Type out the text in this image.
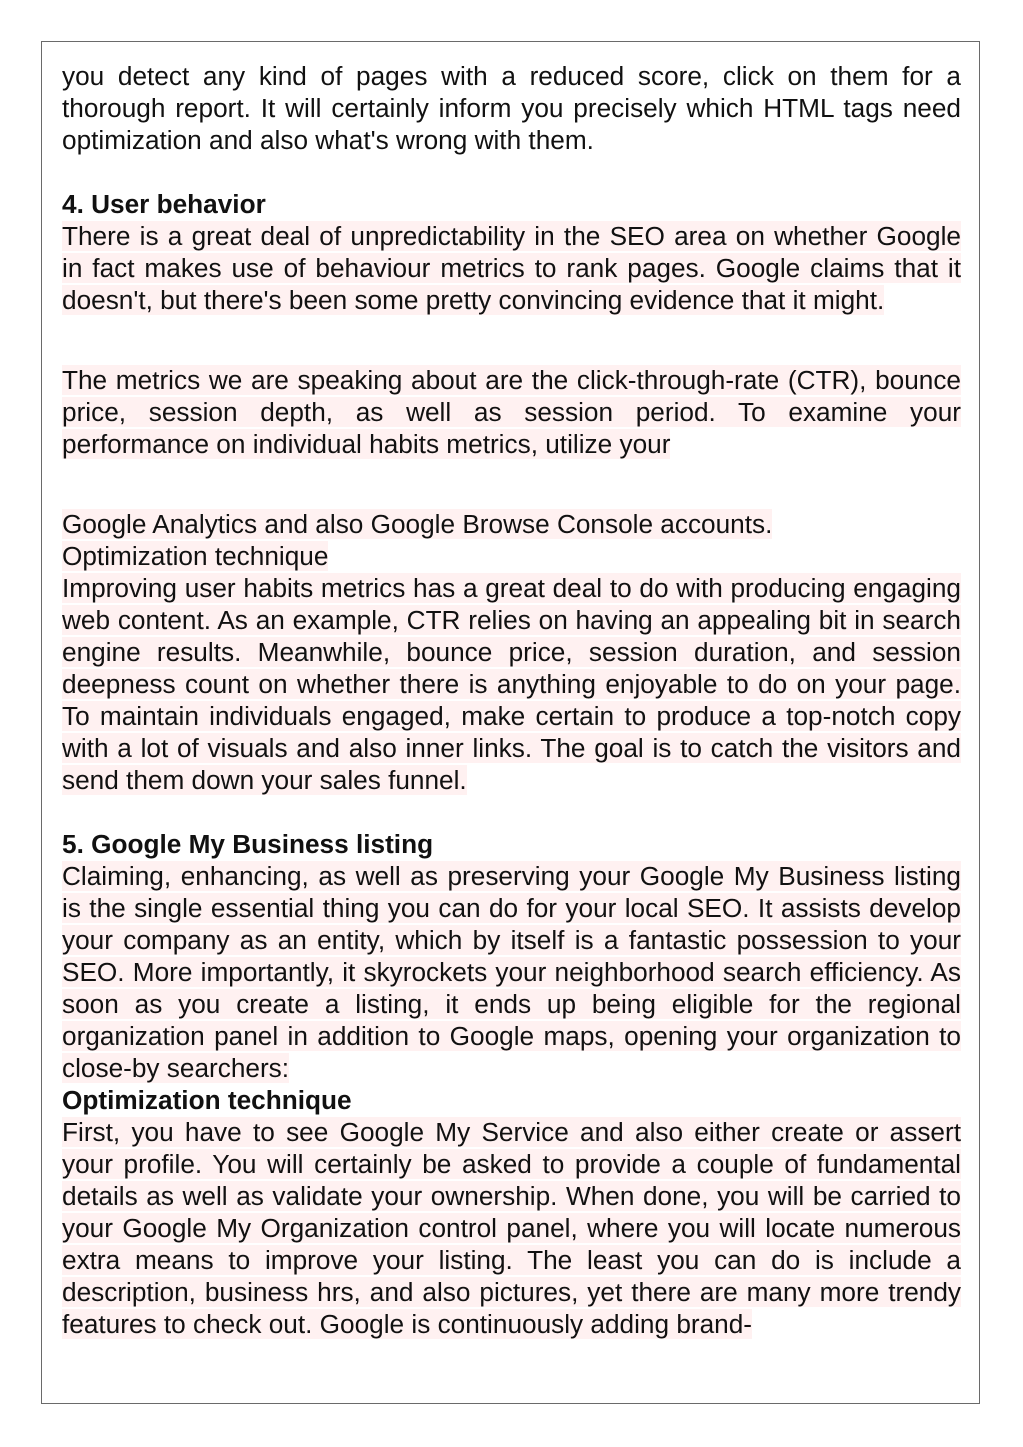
you detect any kind of pages with a reduced score, click on them for a thorough report. It will certainly inform you precisely which HTML tags need optimization and also what's wrong with them.

4. User behavior

There is a great deal of unpredictability in the SEO area on whether Google in fact makes use of behaviour metrics to rank pages. Google claims that it doesn't, but there's been some pretty convincing evidence that it might.

The metrics we are speaking about are the click-through-rate (CTR), bounce price, session depth, as well as session period. To examine your performance on individual habits metrics, utilize your

Google Analytics and also Google Browse Console accounts.

Optimization technique

Improving user habits metrics has a great deal to do with producing engaging web content. As an example, CTR relies on having an appealing bit in search engine results. Meanwhile, bounce price, session duration, and session deepness count on whether there is anything enjoyable to do on your page. To maintain individuals engaged, make certain to produce a top-notch copy with a lot of visuals and also inner links. The goal is to catch the visitors and send them down your sales funnel.

5. Google My Business listing

Claiming, enhancing, as well as preserving your Google My Business listing is the single essential thing you can do for your local SEO. It assists develop your company as an entity, which by itself is a fantastic possession to your SEO. More importantly, it skyrockets your neighborhood search efficiency. As soon as you create a listing, it ends up being eligible for the regional organization panel in addition to Google maps, opening your organization to close-by searchers:

Optimization technique

First, you have to see Google My Service and also either create or assert your profile. You will certainly be asked to provide a couple of fundamental details as well as validate your ownership. When done, you will be carried to your Google My Organization control panel, where you will locate numerous extra means to improve your listing. The least you can do is include a description, business hrs, and also pictures, yet there are many more trendy features to check out. Google is continuously adding brand-
